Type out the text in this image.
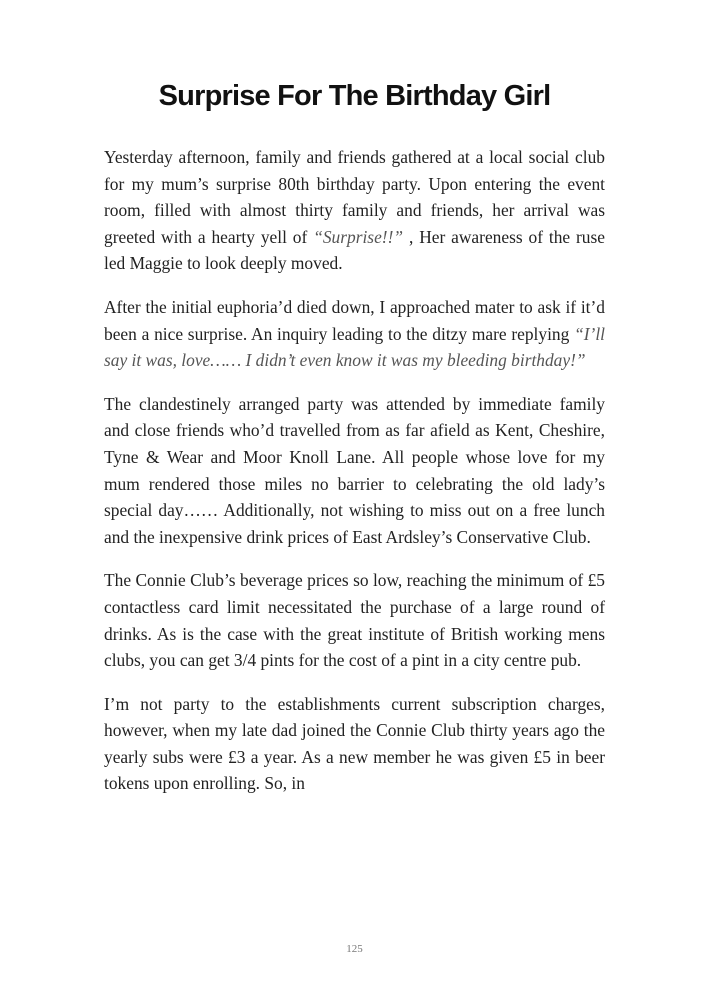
Surprise For The Birthday Girl

Yesterday afternoon, family and friends gathered at a local social club for my mum’s surprise 80th birthday party. Upon entering the event room, filled with almost thirty family and friends, her arrival was greeted with a hearty yell of “Surprise!!” , Her awareness of the ruse led Maggie to look deeply moved.

After the initial euphoria’d died down, I approached mater to ask if it’d been a nice surprise. An inquiry leading to the ditzy mare replying “I’ll say it was, love…… I didn’t even know it was my bleeding birthday!”

The clandestinely arranged party was attended by immediate family and close friends who’d travelled from as far afield as Kent, Cheshire, Tyne & Wear and Moor Knoll Lane. All people whose love for my mum rendered those miles no barrier to celebrating the old lady’s special day…… Additionally, not wishing to miss out on a free lunch and the inexpensive drink prices of East Ardsley’s Conservative Club.

The Connie Club’s beverage prices so low, reaching the minimum of £5 contactless card limit necessitated the purchase of a large round of drinks. As is the case with the great institute of British working mens clubs, you can get 3/4 pints for the cost of a pint in a city centre pub.

I’m not party to the establishments current subscription charges, however, when my late dad joined the Connie Club thirty years ago the yearly subs were £3 a year. As a new member he was given £5 in beer tokens upon enrolling. So, in

125
